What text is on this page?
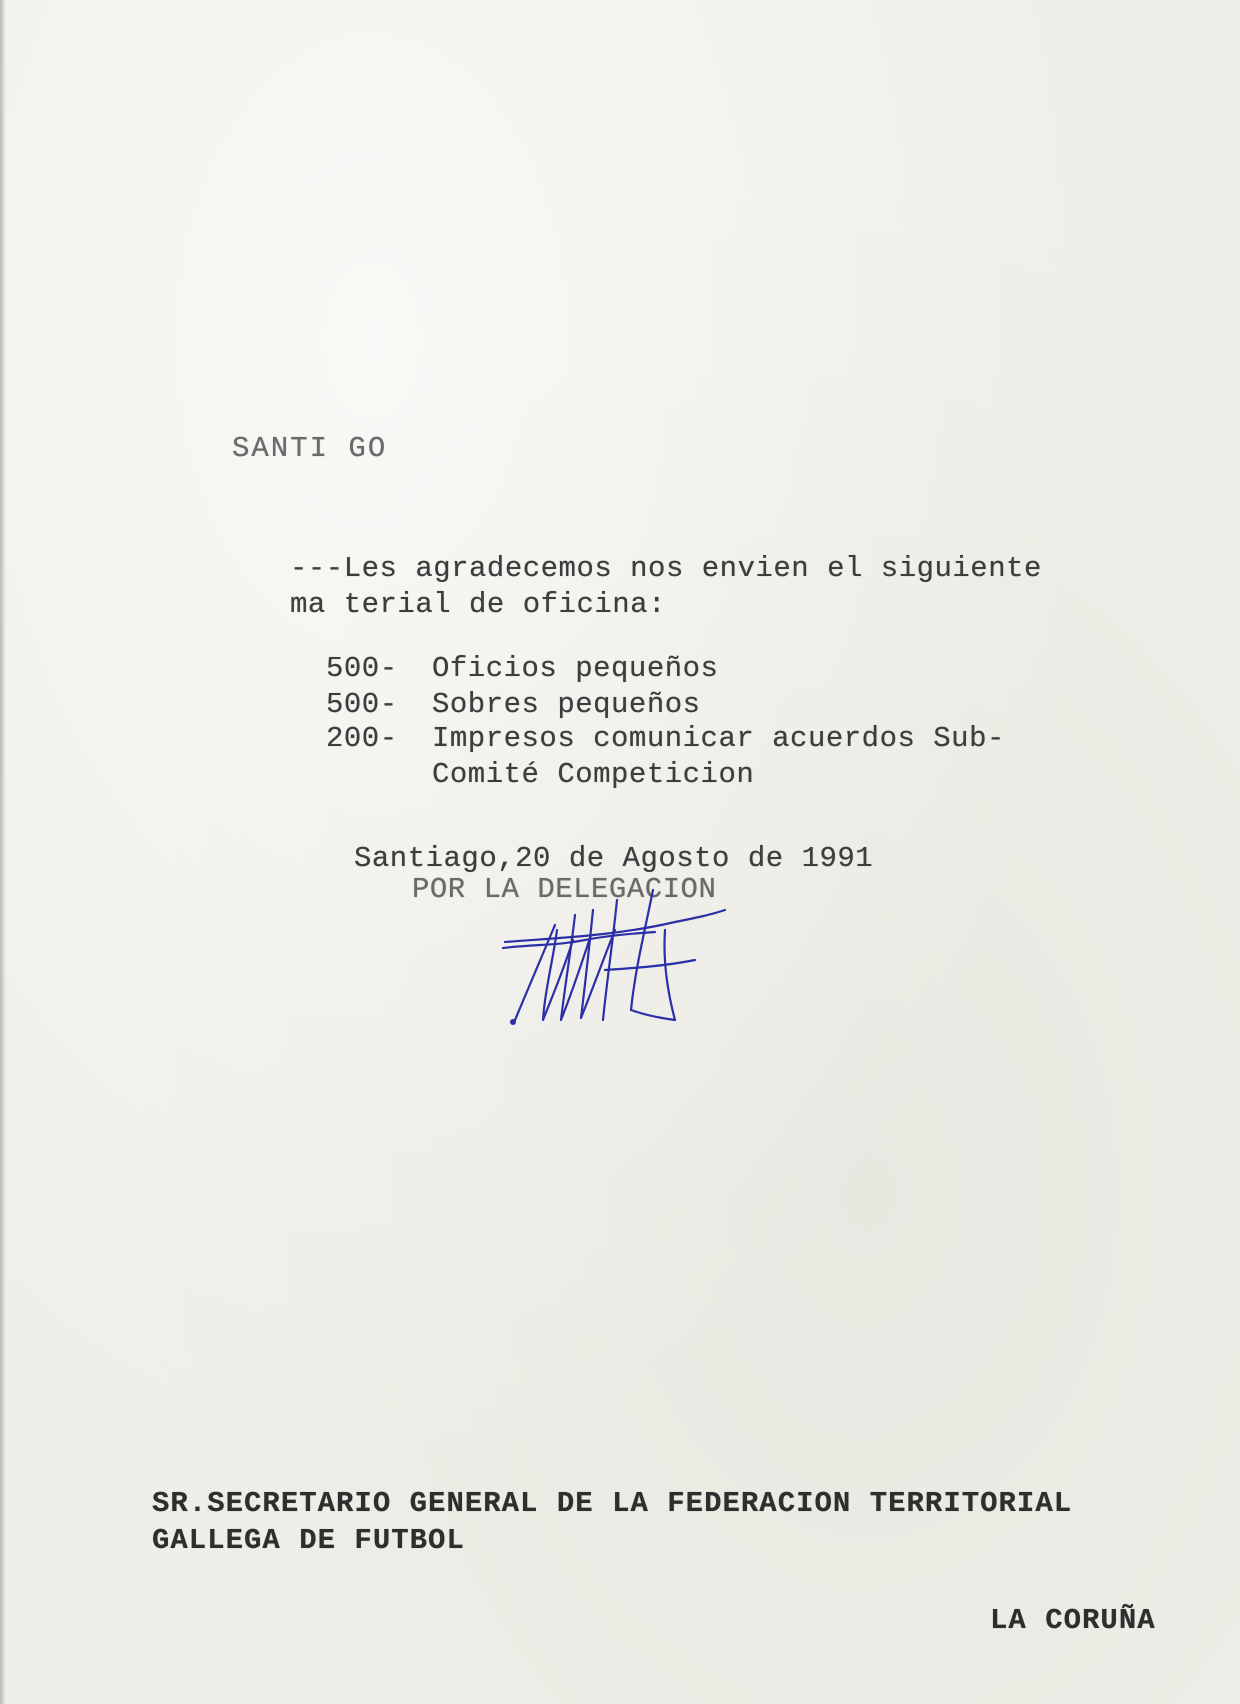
SANTI GO
---Les agradecemos nos envien el siguiente
ma terial de oficina:
500- Oficios pequeños
500- Sobres pequeños
200- Impresos comunicar acuerdos Sub-
Comité Competicion
Santiago,20 de Agosto de 1991
POR LA DELEGACION
SR.SECRETARIO GENERAL DE LA FEDERACION TERRITORIAL
GALLEGA DE FUTBOL
LA CORUÑA
